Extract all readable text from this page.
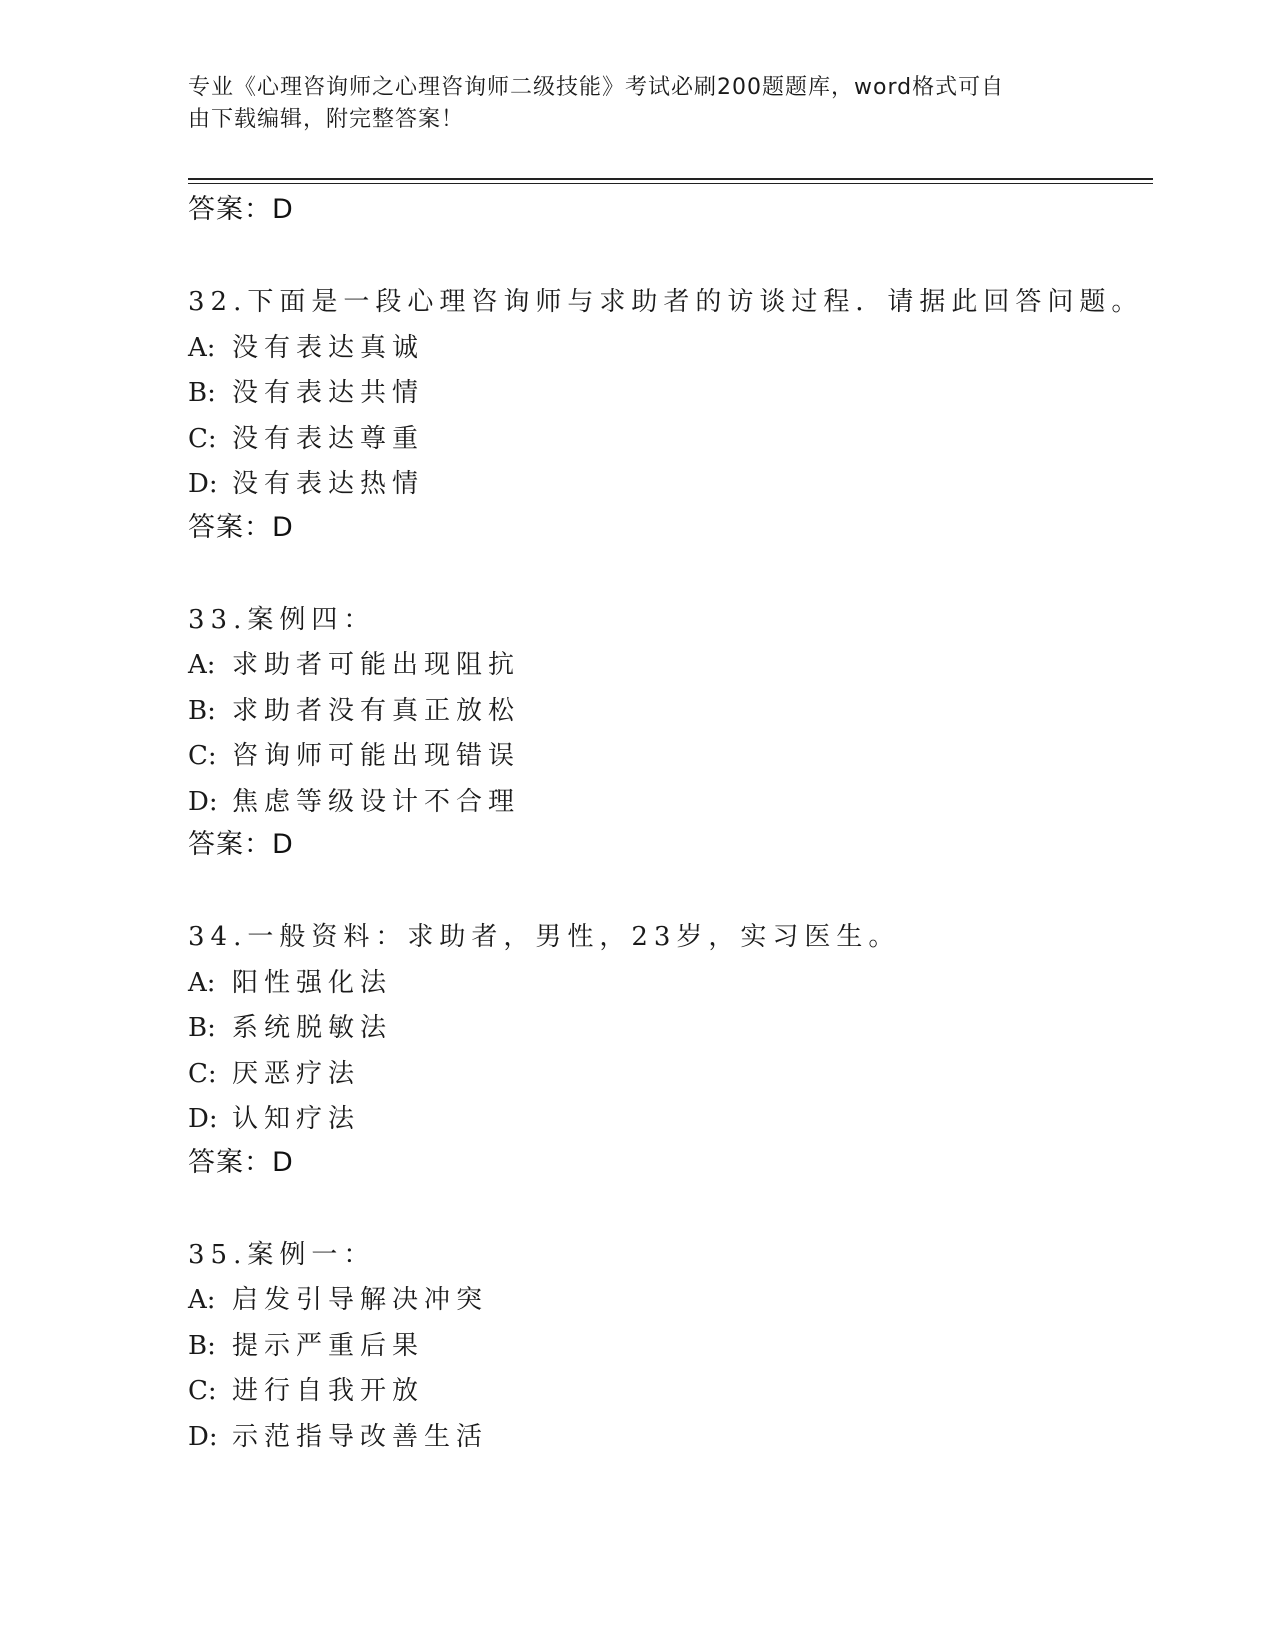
专业《心理咨询师之心理咨询师二级技能》考试必刷200题题库，word格式可自
由下载编辑，附完整答案！
答案：D
32.下面是一段心理咨询师与求助者的访谈过程．请据此回答问题。
A: 没有表达真诚
B: 没有表达共情
C: 没有表达尊重
D: 没有表达热情
答案：D
33.案例四：
A: 求助者可能出现阻抗
B: 求助者没有真正放松
C: 咨询师可能出现错误
D: 焦虑等级设计不合理
答案：D
34.一般资料：求助者，男性，23岁，实习医生。
A: 阳性强化法
B: 系统脱敏法
C: 厌恶疗法
D: 认知疗法
答案：D
35.案例一：
A: 启发引导解决冲突
B: 提示严重后果
C: 进行自我开放
D: 示范指导改善生活
